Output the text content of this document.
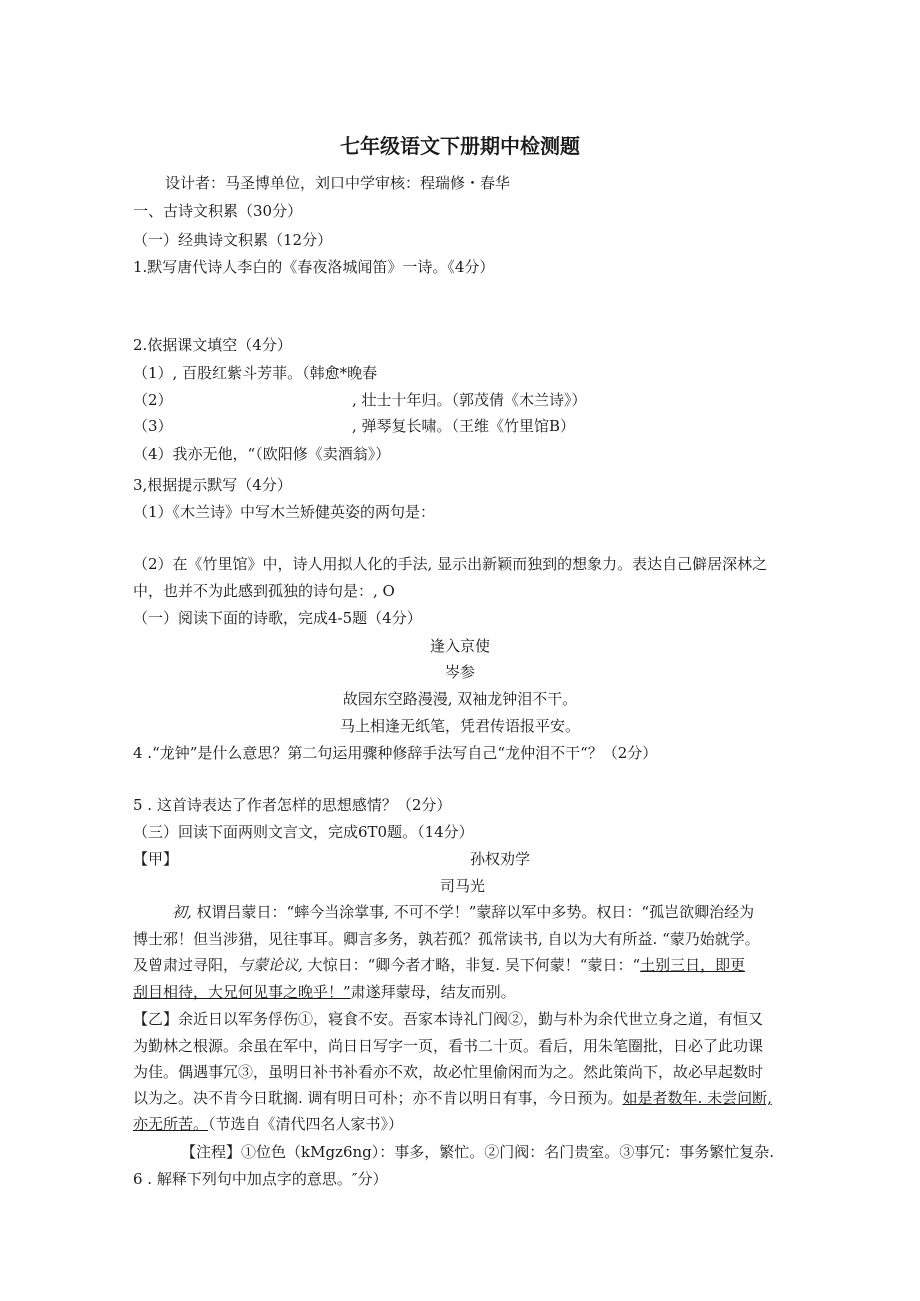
七年级语文下册期中检测题
设计者：马圣博单位，刘口中学审核：程瑞修・春华
一、古诗文积累（30分）
（一）经典诗文积累（12分）
1.默写唐代诗人李白的《春夜洛城闻笛》一诗。《4分）
2.依据课文填空（4分）
（1）, 百股红紫斗芳菲。（韩愈*晚春
（2）	, 壮士十年归。（郭茂倩《木兰诗》）
（3）	, 弹琴复长啸。（王维《竹里馆B）
（4）我亦无他，“（欧阳修《卖酒翁》）
3,根据提示默写（4分）
（1）《木兰诗》中写木兰矫健英姿的两句是：
（2）在《竹里馆》中，诗人用拟人化的手法, 显示出新颖而独到的想象力。表达自己僻居深林之
中，也并不为此感到孤独的诗句是：, O
（一）阅读下面的诗歌，完成4-5题（4分）
逢入京使
岑参
故园东空路漫漫, 双袖龙钟泪不干。
马上相逢无纸笔，凭君传语报平安。
4 .“龙钟”是什么意思？第二句运用骤种修辞手法写自己“龙仲泪不干“？（2分）
5 . 这首诗表达了作者怎样的思想感情？（2分）
（三）回读下面两则文言文，完成6T0题。（14分）
【甲】	孙权劝学
司马光
初, 权谓吕蒙日：“蟀今当涂掌事, 不可不学！”蒙辞以军中多势。权日：“孤岂欲卿治经为
博士邪！但当涉猎，见往事耳。卿言多务，孰若孤？孤常读书, 自以为大有所益. “蒙乃始就学。
及曾肃过寻阳，与蒙论议, 大惊日：“卿今者才略，非复. 吴下何蒙！“蒙日：“土别三日，即更
刮目相待，大兄何见事之晚乎！”肃遂拜蒙母，结友而别。
【乙】余近日以军务俘伤①，寝食不安。吾家本诗礼门阀②，勤与朴为余代世立身之道，有恒又
为勤林之根源。余虽在军中，尚日日写字一页，看书二十页。看后，用朱笔圈批，日必了此功课
为佳。偶遇事冗③，虽明日补书补看亦不欢，故必忙里偷闲而为之。然此策尚下，故必早起数时
以为之。决不肯今日耽搁. 调有明日可朴；亦不肯以明日有事，今日预为。如是者数年. 未尝问断,
亦无所苦。（节选自《清代四名人家书》）
【注程】①位色（kMgz6ng）：事多，繁忙。②门阀：名门贵室。③事冗：事务繁忙复杂.
6 . 解释下列句中加点字的意思。″分）
